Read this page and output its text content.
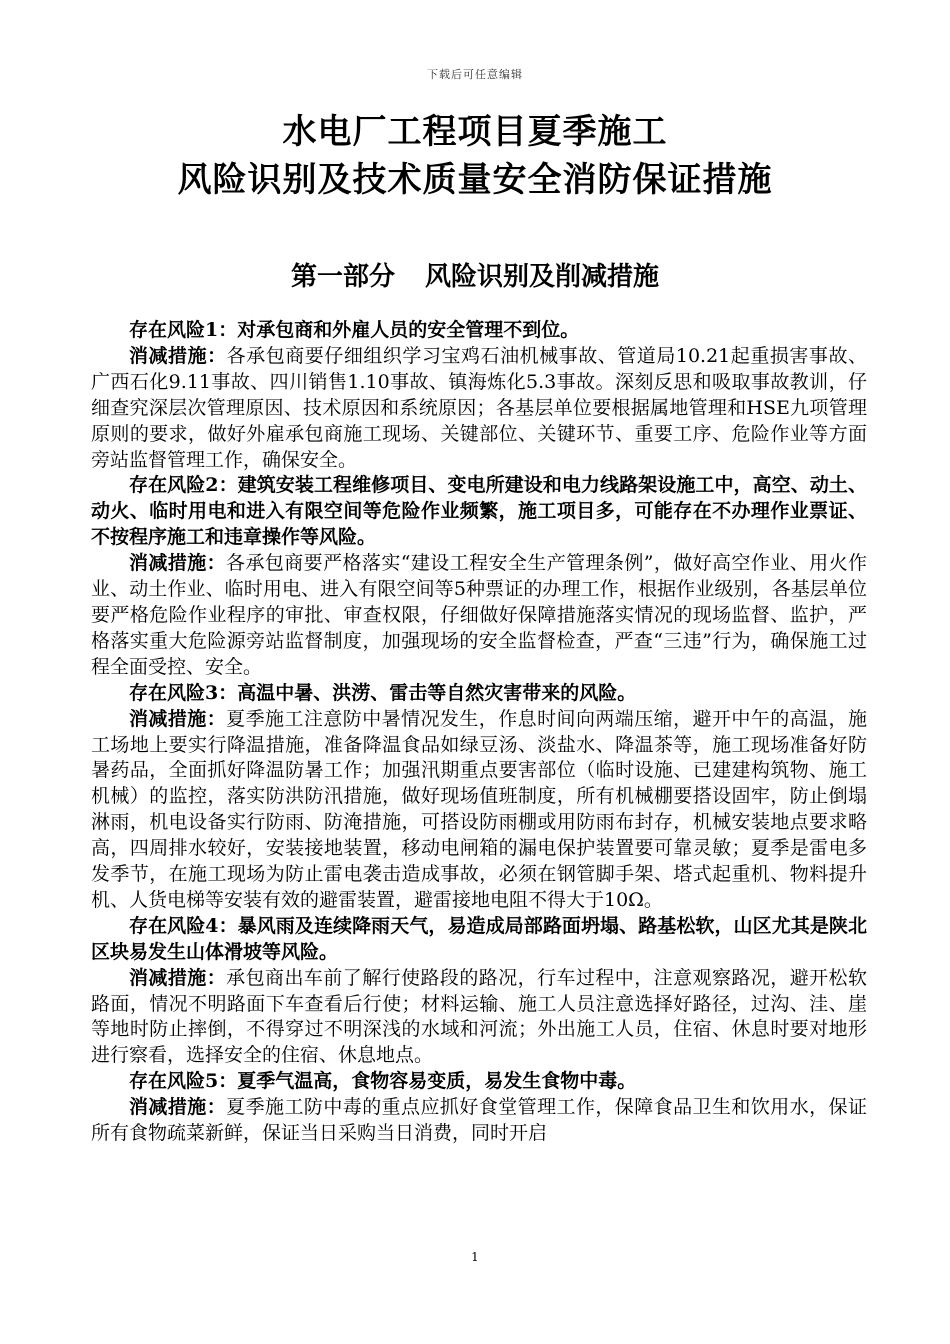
下载后可任意编辑
水电厂工程项目夏季施工
风险识别及技术质量安全消防保证措施
第一部分 风险识别及削减措施

存在风险1：对承包商和外雇人员的安全管理不到位。

消减措施：各承包商要仔细组织学习宝鸡石油机械事故、管道局10.21起重损害事故、广西石化9.11事故、四川销售1.10事故、镇海炼化5.3事故。深刻反思和吸取事故教训，仔细查究深层次管理原因、技术原因和系统原因；各基层单位要根据属地管理和HSE九项管理原则的要求，做好外雇承包商施工现场、关键部位、关键环节、重要工序、危险作业等方面旁站监督管理工作，确保安全。

存在风险2：建筑安装工程维修项目、变电所建设和电力线路架设施工中，高空、动土、动火、临时用电和进入有限空间等危险作业频繁，施工项目多，可能存在不办理作业票证、不按程序施工和违章操作等风险。

消减措施：各承包商要严格落实“建设工程安全生产管理条例”，做好高空作业、用火作业、动土作业、临时用电、进入有限空间等5种票证的办理工作，根据作业级别，各基层单位要严格危险作业程序的审批、审查权限，仔细做好保障措施落实情况的现场监督、监护，严格落实重大危险源旁站监督制度，加强现场的安全监督检查，严查“三违”行为，确保施工过程全面受控、安全。

存在风险3：高温中暑、洪涝、雷击等自然灾害带来的风险。

消减措施：夏季施工注意防中暑情况发生，作息时间向两端压缩，避开中午的高温，施工场地上要实行降温措施，准备降温食品如绿豆汤、淡盐水、降温茶等，施工现场准备好防暑药品，全面抓好降温防暑工作；加强汛期重点要害部位（临时设施、已建建构筑物、施工机械）的监控，落实防洪防汛措施，做好现场值班制度，所有机械棚要搭设固牢，防止倒塌淋雨，机电设备实行防雨、防淹措施，可搭设防雨棚或用防雨布封存，机械安装地点要求略高，四周排水较好，安装接地装置，移动电闸箱的漏电保护装置要可靠灵敏；夏季是雷电多发季节，在施工现场为防止雷电袭击造成事故，必须在钢管脚手架、塔式起重机、物料提升机、人货电梯等安装有效的避雷装置，避雷接地电阻不得大于10Ω。

存在风险4：暴风雨及连续降雨天气，易造成局部路面坍塌、路基松软，山区尤其是陕北区块易发生山体滑坡等风险。

消减措施：承包商出车前了解行使路段的路况，行车过程中，注意观察路况，避开松软路面，情况不明路面下车查看后行使；材料运输、施工人员注意选择好路径，过沟、洼、崖等地时防止摔倒，不得穿过不明深浅的水域和河流；外出施工人员，住宿、休息时要对地形进行察看，选择安全的住宿、休息地点。

存在风险5：夏季气温高，食物容易变质，易发生食物中毒。

消减措施：夏季施工防中毒的重点应抓好食堂管理工作，保障食品卫生和饮用水，保证所有食物疏菜新鲜，保证当日采购当日消费，同时开启

1
